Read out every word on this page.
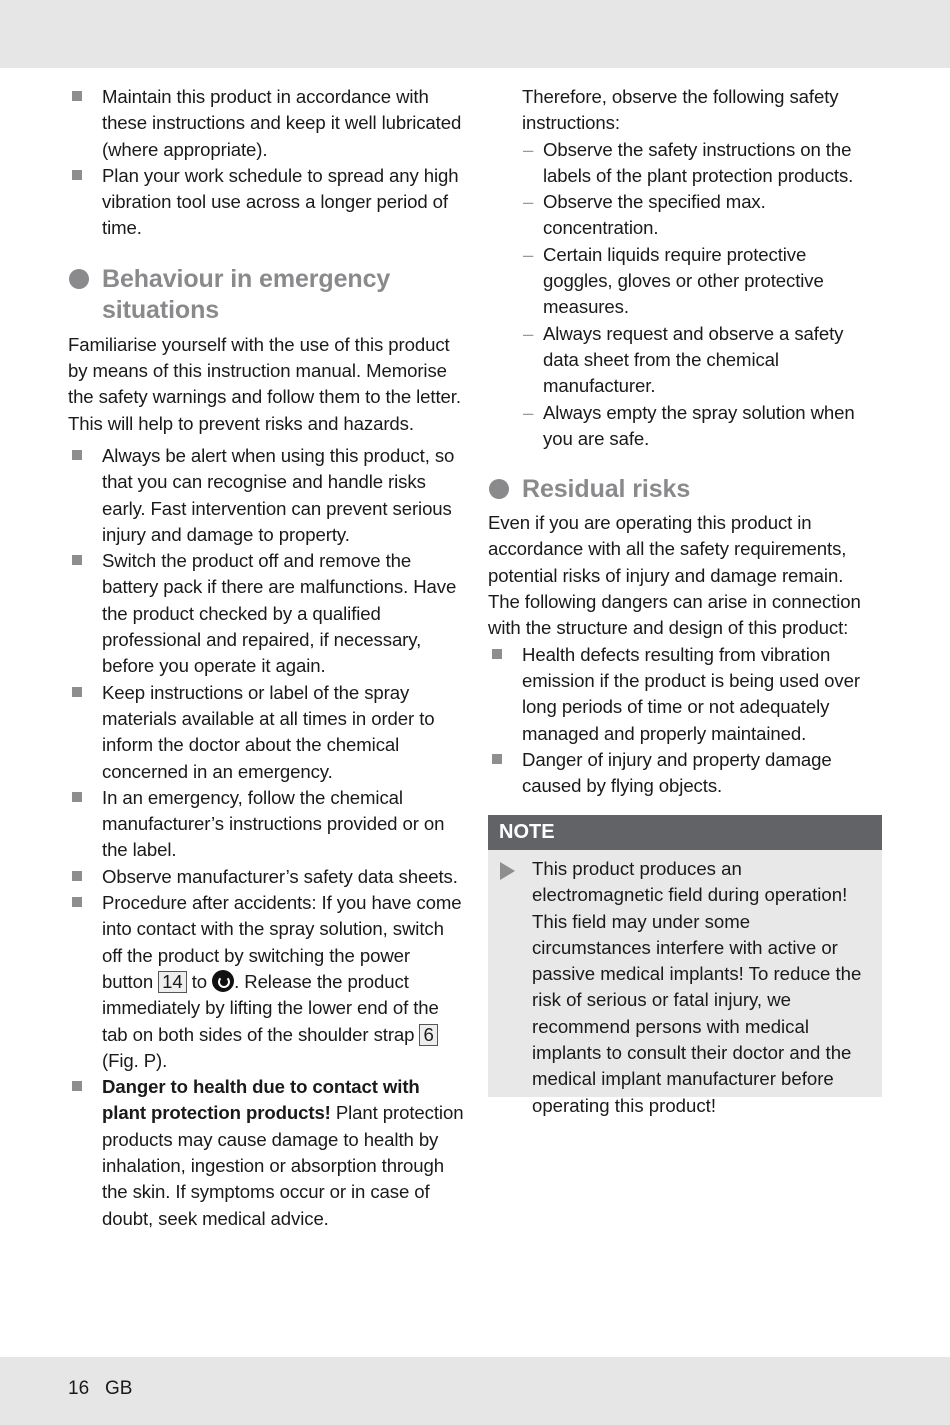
Maintain this product in accordance with these instructions and keep it well lubricated (where appropriate).
Plan your work schedule to spread any high vibration tool use across a longer period of time.
Behaviour in emergency situations

Familiarise yourself with the use of this product by means of this instruction manual. Memorise the safety warnings and follow them to the letter. This will help to prevent risks and hazards.

Always be alert when using this product, so that you can recognise and handle risks early. Fast intervention can prevent serious injury and damage to property.
Switch the product off and remove the battery pack if there are malfunctions. Have the product checked by a qualified professional and repaired, if necessary, before you operate it again.
Keep instructions or label of the spray materials available at all times in order to inform the doctor about the chemical concerned in an emergency.
In an emergency, follow the chemical manufacturer’s instructions provided or on the label.
Observe manufacturer’s safety data sheets.
Procedure after accidents: If you have come into contact with the spray solution, switch off the product by switching the power button 14 to . Release the product immediately by lifting the lower end of the tab on both sides of the shoulder strap 6 (Fig. P).
Danger to health due to contact with plant protection products! Plant protection products may cause damage to health by inhalation, ingestion or absorption through the skin. If symptoms occur or in case of doubt, seek medical advice.

Therefore, observe the following safety instructions:

– Observe the safety instructions on the labels of the plant protection products.
– Observe the specified max. concentration.
– Certain liquids require protective goggles, gloves or other protective measures.
– Always request and observe a safety data sheet from the chemical manufacturer.
– Always empty the spray solution when you are safe.
Residual risks

Even if you are operating this product in accordance with all the safety requirements, potential risks of injury and damage remain. The following dangers can arise in connection with the structure and design of this product:

Health defects resulting from vibration emission if the product is being used over long periods of time or not adequately managed and properly maintained.
Danger of injury and property damage caused by flying objects.
NOTE

This product produces an electromagnetic field during operation! This field may under some circumstances interfere with active or passive medical implants! To reduce the risk of serious or fatal injury, we recommend persons with medical implants to consult their doctor and the medical implant manufacturer before operating this product!

16 GB
